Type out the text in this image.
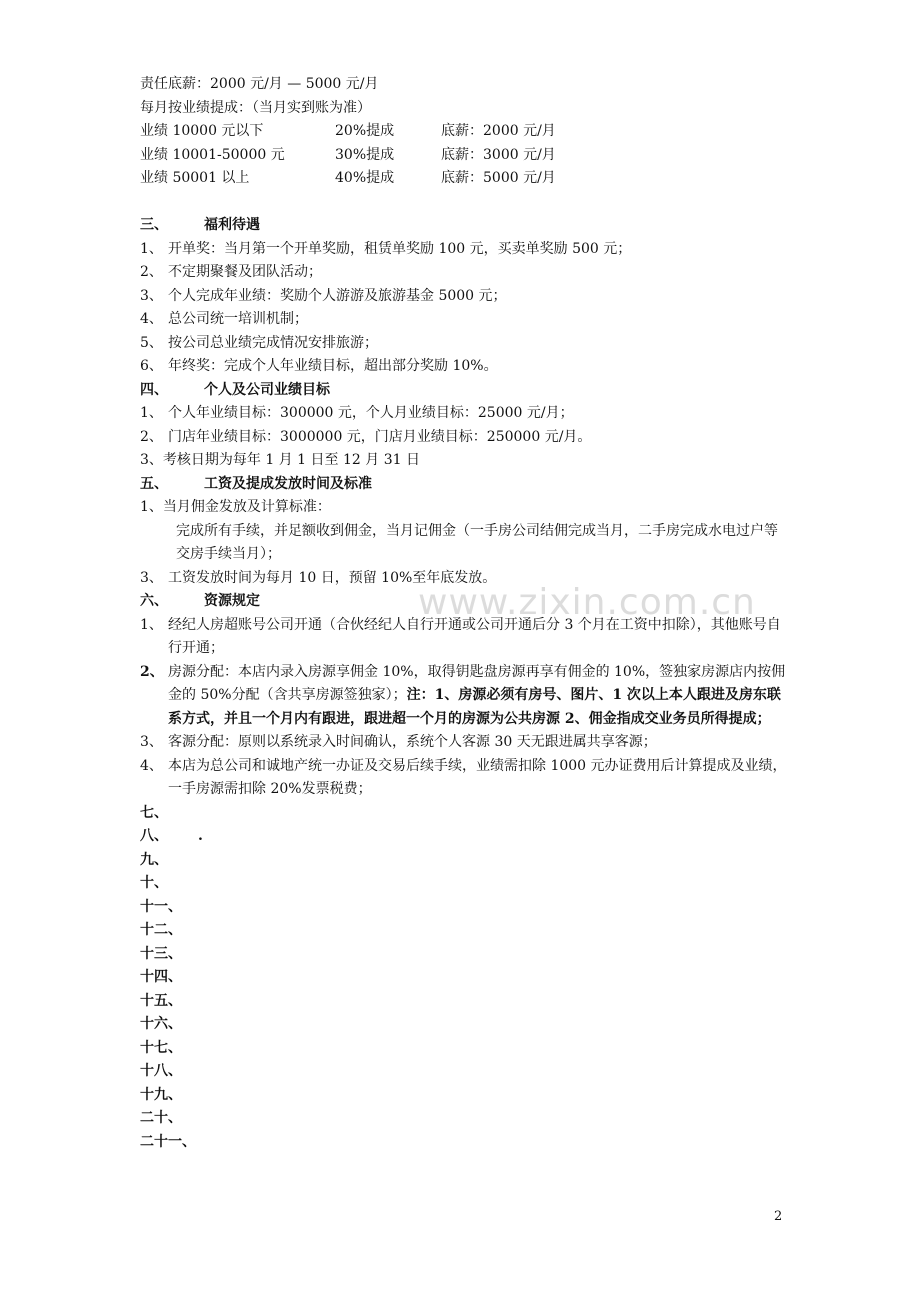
www.zixin.com.cn
责任底薪：2000 元/月 — 5000 元/月
每月按业绩提成：（当月实到账为准）
业绩 10000 元以下	20%提成	底薪：2000 元/月
业绩 10001-50000 元	30%提成	底薪：3000 元/月
业绩 50001 以上	40%提成	底薪：5000 元/月
三、	福利待遇
1、 开单奖：当月第一个开单奖励，租赁单奖励 100 元，买卖单奖励 500 元；
2、 不定期聚餐及团队活动；
3、 个人完成年业绩：奖励个人游游及旅游基金 5000 元；
4、 总公司统一培训机制；
5、 按公司总业绩完成情况安排旅游；
6、 年终奖：完成个人年业绩目标，超出部分奖励 10%。
四、	个人及公司业绩目标
1、 个人年业绩目标：300000 元，个人月业绩目标：25000 元/月；
2、 门店年业绩目标：3000000 元，门店月业绩目标：250000 元/月。
3、 考核日期为每年 1 月 1 日至 12 月 31 日
五、	工资及提成发放时间及标准
1、当月佣金发放及计算标准：
完成所有手续，并足额收到佣金，当月记佣金（一手房公司结佣完成当月，二手房完成水电过户等交房手续当月）；
3、 工资发放时间为每月 10 日，预留 10%至年底发放。
六、	资源规定
1、 经纪人房超账号公司开通（合伙经纪人自行开通或公司开通后分 3 个月在工资中扣除），其他账号自行开通；
2、 房源分配：本店内录入房源享佣金 10%，取得钥匙盘房源再享有佣金的 10%，签独家房源店内按佣金的 50%分配（含共享房源签独家）；注：1、房源必须有房号、图片、1 次以上本人跟进及房东联系方式，并且一个月内有跟进，跟进超一个月的房源为公共房源 2、佣金指成交业务员所得提成；
3、 客源分配：原则以系统录入时间确认，系统个人客源 30 天无跟进属共享客源；
4、 本店为总公司和诚地产统一办证及交易后续手续，业绩需扣除 1000 元办证费用后计算提成及业绩，一手房源需扣除 20%发票税费；
七、
八、 .
九、
十、
十一、
十二、
十三、
十四、
十五、
十六、
十七、
十八、
十九、
二十、
二十一、
2
